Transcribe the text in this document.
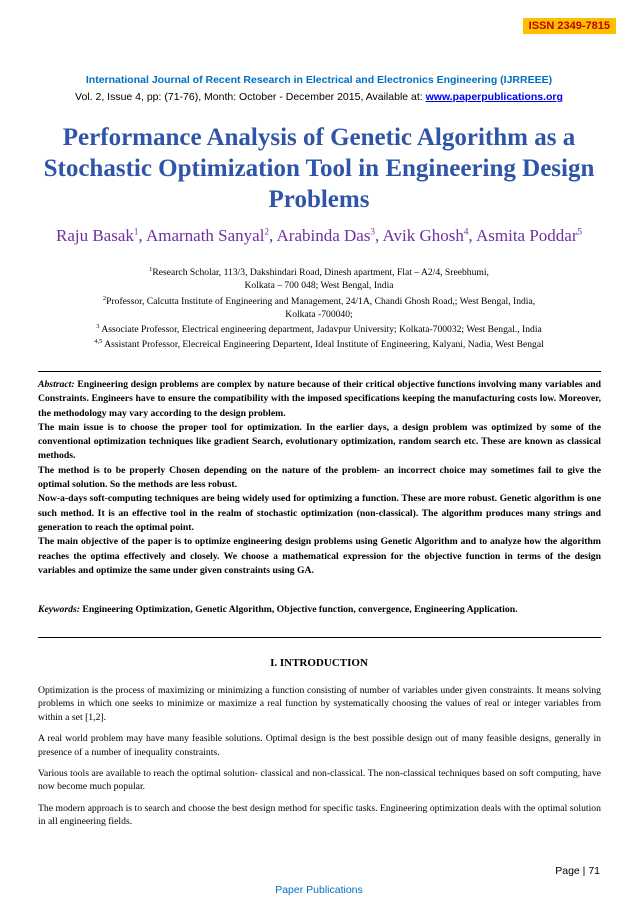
ISSN 2349-7815
International Journal of Recent Research in Electrical and Electronics Engineering (IJRREEE)
Vol. 2, Issue 4, pp: (71-76), Month: October - December 2015, Available at: www.paperpublications.org
Performance Analysis of Genetic Algorithm as a Stochastic Optimization Tool in Engineering Design Problems
Raju Basak$^1$, Amarnath Sanyal$^2$, Arabinda Das$^3$, Avik Ghosh$^4$, Asmita Poddar$^5$
$^1$Research Scholar, 113/3, Dakshindari Road, Dinesh apartment, Flat – A2/4, Sreebhumi,
Kolkata – 700 048; West Bengal, India
$^2$Professor, Calcutta Institute of Engineering and Management, 24/1A, Chandi Ghosh Road,; West Bengal, India,
Kolkata -700040;
$^3$ Associate Professor, Electrical engineering department, Jadavpur University; Kolkata-700032; West Bengal., India
$^{4,5}$ Assistant Professor, Elecreical Engineering Departent, Ideal Institute of Engineering, Kalyani, Nadia, West Bengal

Abstract: Engineering design problems are complex by nature because of their critical objective functions involving many variables and Constraints. Engineers have to ensure the compatibility with the imposed specifications keeping the manufacturing costs low. Moreover, the methodology may vary according to the design problem.

The main issue is to choose the proper tool for optimization. In the earlier days, a design problem was optimized by some of the conventional optimization techniques like gradient Search, evolutionary optimization, random search etc. These are known as classical methods.

The method is to be properly Chosen depending on the nature of the problem- an incorrect choice may sometimes fail to give the optimal solution. So the methods are less robust.

Now-a-days soft-computing techniques are being widely used for optimizing a function. These are more robust. Genetic algorithm is one such method. It is an effective tool in the realm of stochastic optimization (non-classical). The algorithm produces many strings and generation to reach the optimal point.

The main objective of the paper is to optimize engineering design problems using Genetic Algorithm and to analyze how the algorithm reaches the optima effectively and closely. We choose a mathematical expression for the objective function in terms of the design variables and optimize the same under given constraints using GA.

Keywords: Engineering Optimization, Genetic Algorithm, Objective function, convergence, Engineering Application.
I. INTRODUCTION

Optimization is the process of maximizing or minimizing a function consisting of number of variables under given constraints. It means solving problems in which one seeks to minimize or maximize a real function by systematically choosing the values of real or integer variables from within a set [1,2].

A real world problem may have many feasible solutions. Optimal design is the best possible design out of many feasible designs, generally in presence of a number of inequality constraints.

Various tools are available to reach the optimal solution- classical and non-classical. The non-classical techniques based on soft computing, have now become much popular.

The modern approach is to search and choose the best design method for specific tasks. Engineering optimization deals with the optimal solution in all engineering fields.

Page | 71
Paper Publications
